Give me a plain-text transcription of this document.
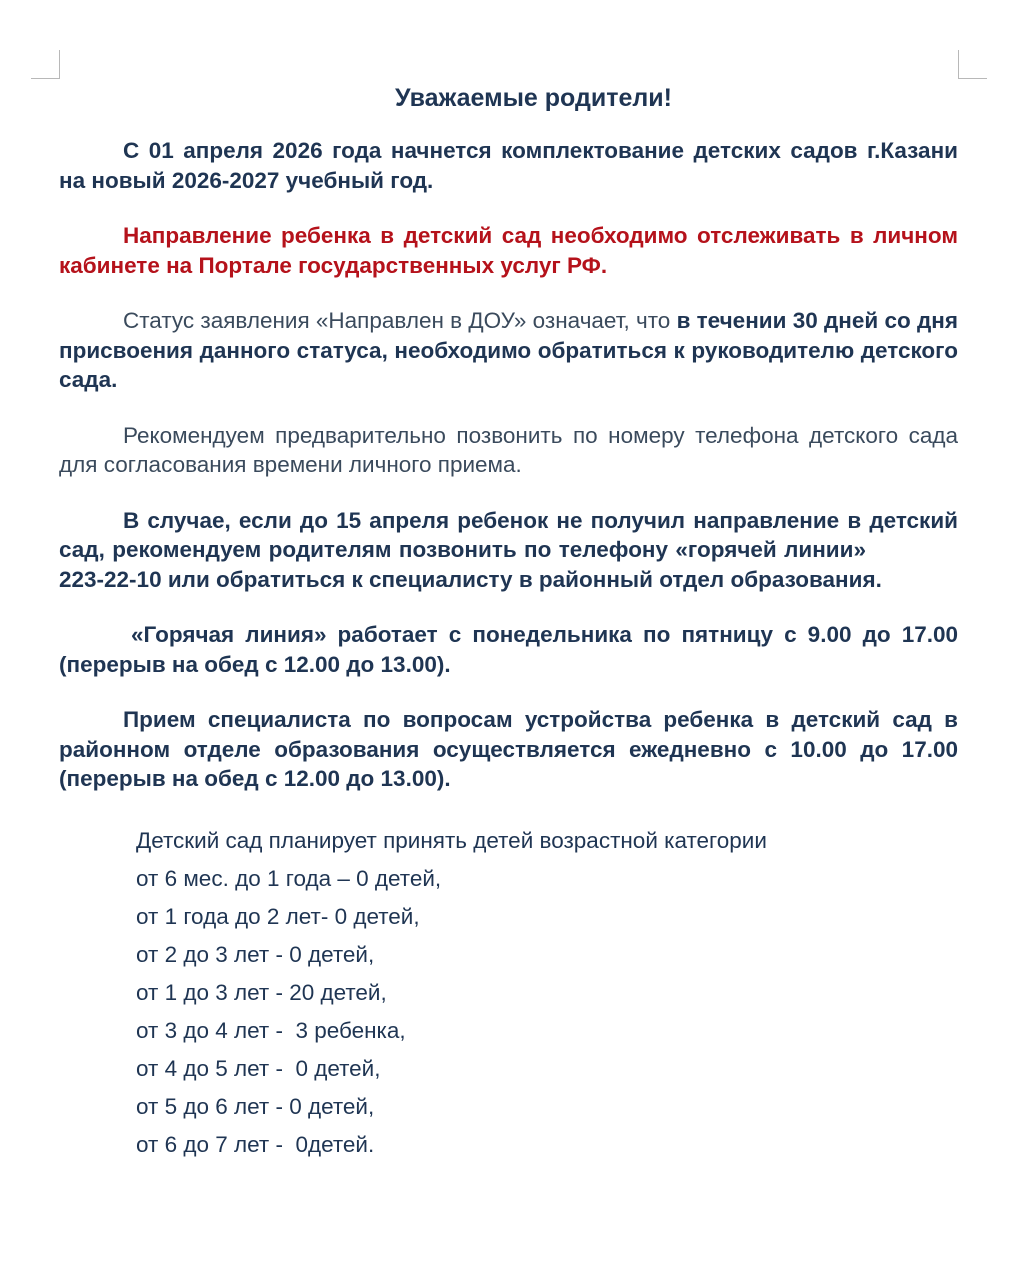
Уважаемые родители!

С 01 апреля 2026 года начнется комплектование детских садов г.Казани на новый 2026-2027 учебный год.

Направление ребенка в детский сад необходимо отслеживать в личном кабинете на Портале государственных услуг РФ.

Статус заявления «Направлен в ДОУ» означает, что в течении 30 дней со дня присвоения данного статуса, необходимо обратиться к руководителю детского сада.

Рекомендуем предварительно позвонить по номеру телефона детского сада для согласования времени личного приема.

В случае, если до 15 апреля ребенок не получил направление в детский сад, рекомендуем родителям позвонить по телефону «горячей линии»223-22-10 или обратиться к специалисту в районный отдел образования.

«Горячая линия» работает с понедельника по пятницу с 9.00 до 17.00 (перерыв на обед с 12.00 до 13.00).

Прием специалиста по вопросам устройства ребенка в детский сад в районном отделе образования осуществляется ежедневно с 10.00 до 17.00 (перерыв на обед с 12.00 до 13.00).

Детский сад планирует принять детей возрастной категории

от 6 мес. до 1 года – 0 детей,

от 1 года до 2 лет- 0 детей,

от 2 до 3 лет - 0 детей,

от 1 до 3 лет - 20 детей,

от 3 до 4 лет -  3 ребенка,

от 4 до 5 лет -  0 детей,

от 5 до 6 лет - 0 детей,

от 6 до 7 лет -  0детей.
